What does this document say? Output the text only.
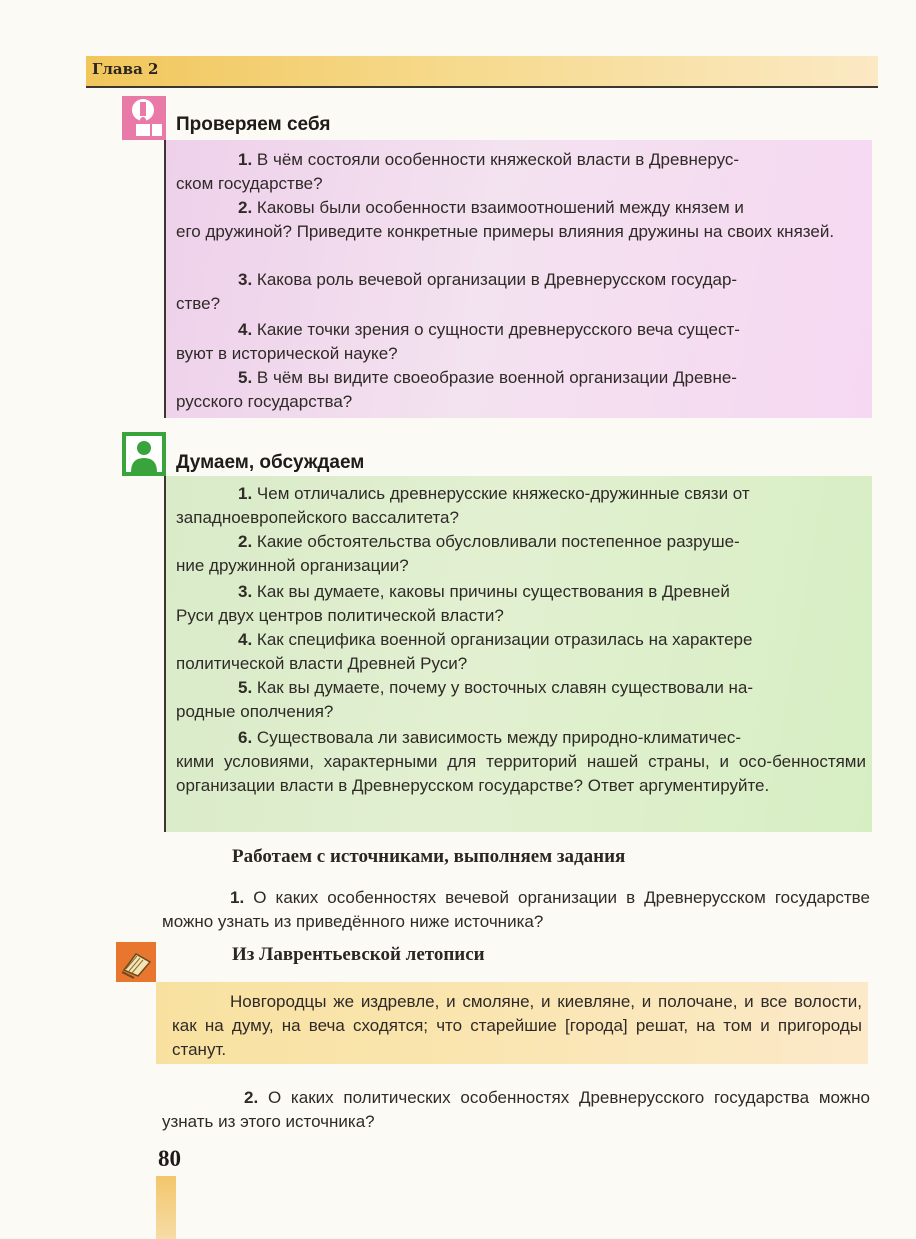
Глава 2
Проверяем себя
1. В чём состояли особенности княжеской власти в Древнерус-
ском государстве?
2. Каковы были особенности взаимоотношений между князем и
его дружиной? Приведите конкретные примеры влияния дружины на своих князей.
3. Какова роль вечевой организации в Древнерусском государ-
стве?
4. Какие точки зрения о сущности древнерусского веча сущест-
вуют в исторической науке?
5. В чём вы видите своеобразие военной организации Древне-
русского государства?
Думаем, обсуждаем
1. Чем отличались древнерусские княжеско-дружинные связи от
западноевропейского вассалитета?
2. Какие обстоятельства обусловливали постепенное разруше-
ние дружинной организации?
3. Как вы думаете, каковы причины существования в Древней
Руси двух центров политической власти?
4. Как специфика военной организации отразилась на характере
политической власти Древней Руси?
5. Как вы думаете, почему у восточных славян существовали на-
родные ополчения?
6. Существовала ли зависимость между природно-климатичес-
кими условиями, характерными для территорий нашей страны, и осо-бенностями организации власти в Древнерусском государстве? Ответ аргументируйте.
Работаем с источниками, выполняем задания
1. О каких особенностях вечевой организации в Древнерусском государстве можно узнать из приведённого ниже источника?
Из Лаврентьевской летописи
Новгородцы же издревле, и смоляне, и киевляне, и полочане, и все волости, как на думу, на веча сходятся; что старейшие [города] решат, на том и пригороды станут.
2. О каких политических особенностях Древнерусского государства можно узнать из этого источника?
80
